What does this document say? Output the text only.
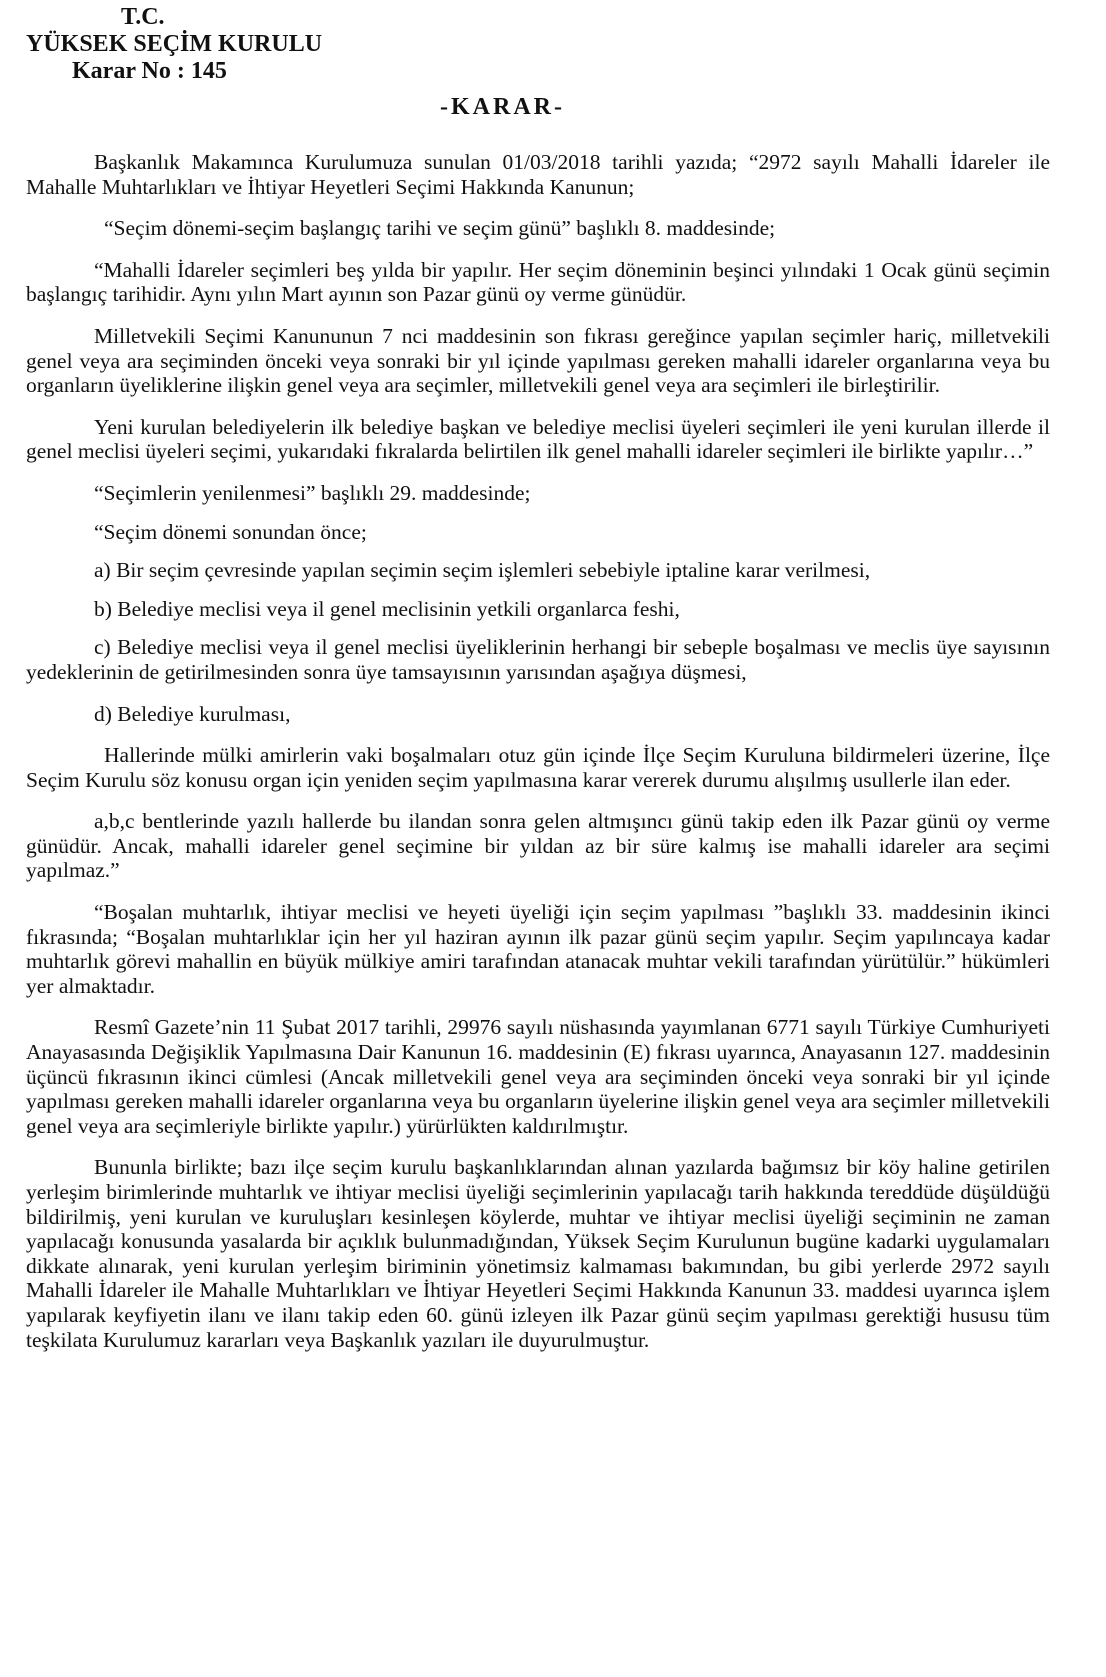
T.C.
YÜKSEK SEÇİM KURULU
Karar No : 145
-KARAR-

Başkanlık Makamınca Kurulumuza sunulan 01/03/2018 tarihli yazıda; “2972 sayılı Mahalli İdareler ile Mahalle Muhtarlıkları ve İhtiyar Heyetleri Seçimi Hakkında Kanunun;

“Seçim dönemi-seçim başlangıç tarihi ve seçim günü” başlıklı 8. maddesinde;

“Mahalli İdareler seçimleri beş yılda bir yapılır. Her seçim döneminin beşinci yılındaki 1 Ocak günü seçimin başlangıç tarihidir. Aynı yılın Mart ayının son Pazar günü oy verme günüdür.

Milletvekili Seçimi Kanununun 7 nci maddesinin son fıkrası gereğince yapılan seçimler hariç, milletvekili genel veya ara seçiminden önceki veya sonraki bir yıl içinde yapılması gereken mahalli idareler organlarına veya bu organların üyeliklerine ilişkin genel veya ara seçimler, milletvekili genel veya ara seçimleri ile birleştirilir.

Yeni kurulan belediyelerin ilk belediye başkan ve belediye meclisi üyeleri seçimleri ile yeni kurulan illerde il genel meclisi üyeleri seçimi, yukarıdaki fıkralarda belirtilen ilk genel mahalli idareler seçimleri ile birlikte yapılır…”

“Seçimlerin yenilenmesi” başlıklı 29. maddesinde;

“Seçim dönemi sonundan önce;

a) Bir seçim çevresinde yapılan seçimin seçim işlemleri sebebiyle iptaline karar verilmesi,

b) Belediye meclisi veya il genel meclisinin yetkili organlarca feshi,

c) Belediye meclisi veya il genel meclisi üyeliklerinin herhangi bir sebeple boşalması ve meclis üye sayısının yedeklerinin de getirilmesinden sonra üye tamsayısının yarısından aşağıya düşmesi,

d) Belediye kurulması,

Hallerinde mülki amirlerin vaki boşalmaları otuz gün içinde İlçe Seçim Kuruluna bildirmeleri üzerine, İlçe Seçim Kurulu söz konusu organ için yeniden seçim yapılmasına karar vererek durumu alışılmış usullerle ilan eder.

a,b,c bentlerinde yazılı hallerde bu ilandan sonra gelen altmışıncı günü takip eden ilk Pazar günü oy verme günüdür. Ancak, mahalli idareler genel seçimine bir yıldan az bir süre kalmış ise mahalli idareler ara seçimi yapılmaz.”

“Boşalan muhtarlık, ihtiyar meclisi ve heyeti üyeliği için seçim yapılması ”başlıklı 33. maddesinin ikinci fıkrasında; “Boşalan muhtarlıklar için her yıl haziran ayının ilk pazar günü seçim yapılır. Seçim yapılıncaya kadar muhtarlık görevi mahallin en büyük mülkiye amiri tarafından atanacak muhtar vekili tarafından yürütülür.” hükümleri yer almaktadır.

Resmî Gazete’nin 11 Şubat 2017 tarihli, 29976 sayılı nüshasında yayımlanan 6771 sayılı Türkiye Cumhuriyeti Anayasasında Değişiklik Yapılmasına Dair Kanunun 16. maddesinin (E) fıkrası uyarınca, Anayasanın 127. maddesinin üçüncü fıkrasının ikinci cümlesi (Ancak milletvekili genel veya ara seçiminden önceki veya sonraki bir yıl içinde yapılması gereken mahalli idareler organlarına veya bu organların üyelerine ilişkin genel veya ara seçimler milletvekili genel veya ara seçimleriyle birlikte yapılır.) yürürlükten kaldırılmıştır.

Bununla birlikte; bazı ilçe seçim kurulu başkanlıklarından alınan yazılarda bağımsız bir köy haline getirilen yerleşim birimlerinde muhtarlık ve ihtiyar meclisi üyeliği seçimlerinin yapılacağı tarih hakkında tereddüde düşüldüğü bildirilmiş, yeni kurulan ve kuruluşları kesinleşen köylerde, muhtar ve ihtiyar meclisi üyeliği seçiminin ne zaman yapılacağı konusunda yasalarda bir açıklık bulunmadığından, Yüksek Seçim Kurulunun bugüne kadarki uygulamaları dikkate alınarak, yeni kurulan yerleşim biriminin yönetimsiz kalmaması bakımından, bu gibi yerlerde 2972 sayılı Mahalli İdareler ile Mahalle Muhtarlıkları ve İhtiyar Heyetleri Seçimi Hakkında Kanunun 33. maddesi uyarınca işlem yapılarak keyfiyetin ilanı ve ilanı takip eden 60. günü izleyen ilk Pazar günü seçim yapılması gerektiği hususu tüm teşkilata Kurulumuz kararları veya Başkanlık yazıları ile duyurulmuştur.
